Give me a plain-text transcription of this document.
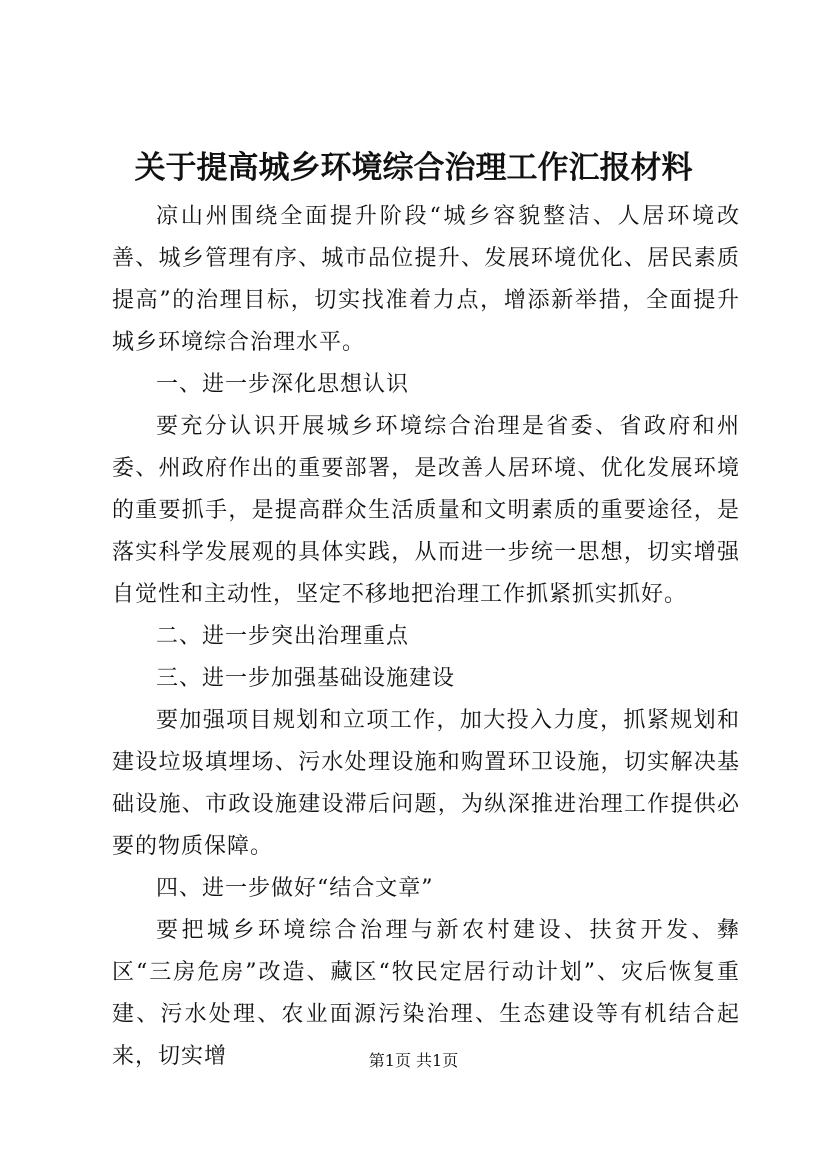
关于提高城乡环境综合治理工作汇报材料

凉山州围绕全面提升阶段“城乡容貌整洁、人居环境改善、城乡管理有序、城市品位提升、发展环境优化、居民素质提高”的治理目标，切实找准着力点，增添新举措，全面提升城乡环境综合治理水平。

一、进一步深化思想认识

要充分认识开展城乡环境综合治理是省委、省政府和州委、州政府作出的重要部署，是改善人居环境、优化发展环境的重要抓手，是提高群众生活质量和文明素质的重要途径，是落实科学发展观的具体实践，从而进一步统一思想，切实增强自觉性和主动性，坚定不移地把治理工作抓紧抓实抓好。

二、进一步突出治理重点

三、进一步加强基础设施建设

要加强项目规划和立项工作，加大投入力度，抓紧规划和建设垃圾填埋场、污水处理设施和购置环卫设施，切实解决基础设施、市政设施建设滞后问题，为纵深推进治理工作提供必要的物质保障。

四、进一步做好“结合文章”

要把城乡环境综合治理与新农村建设、扶贫开发、彝区“三房危房”改造、藏区“牧民定居行动计划”、灾后恢复重建、污水处理、农业面源污染治理、生态建设等有机结合起来，切实增	第1页 共1页
